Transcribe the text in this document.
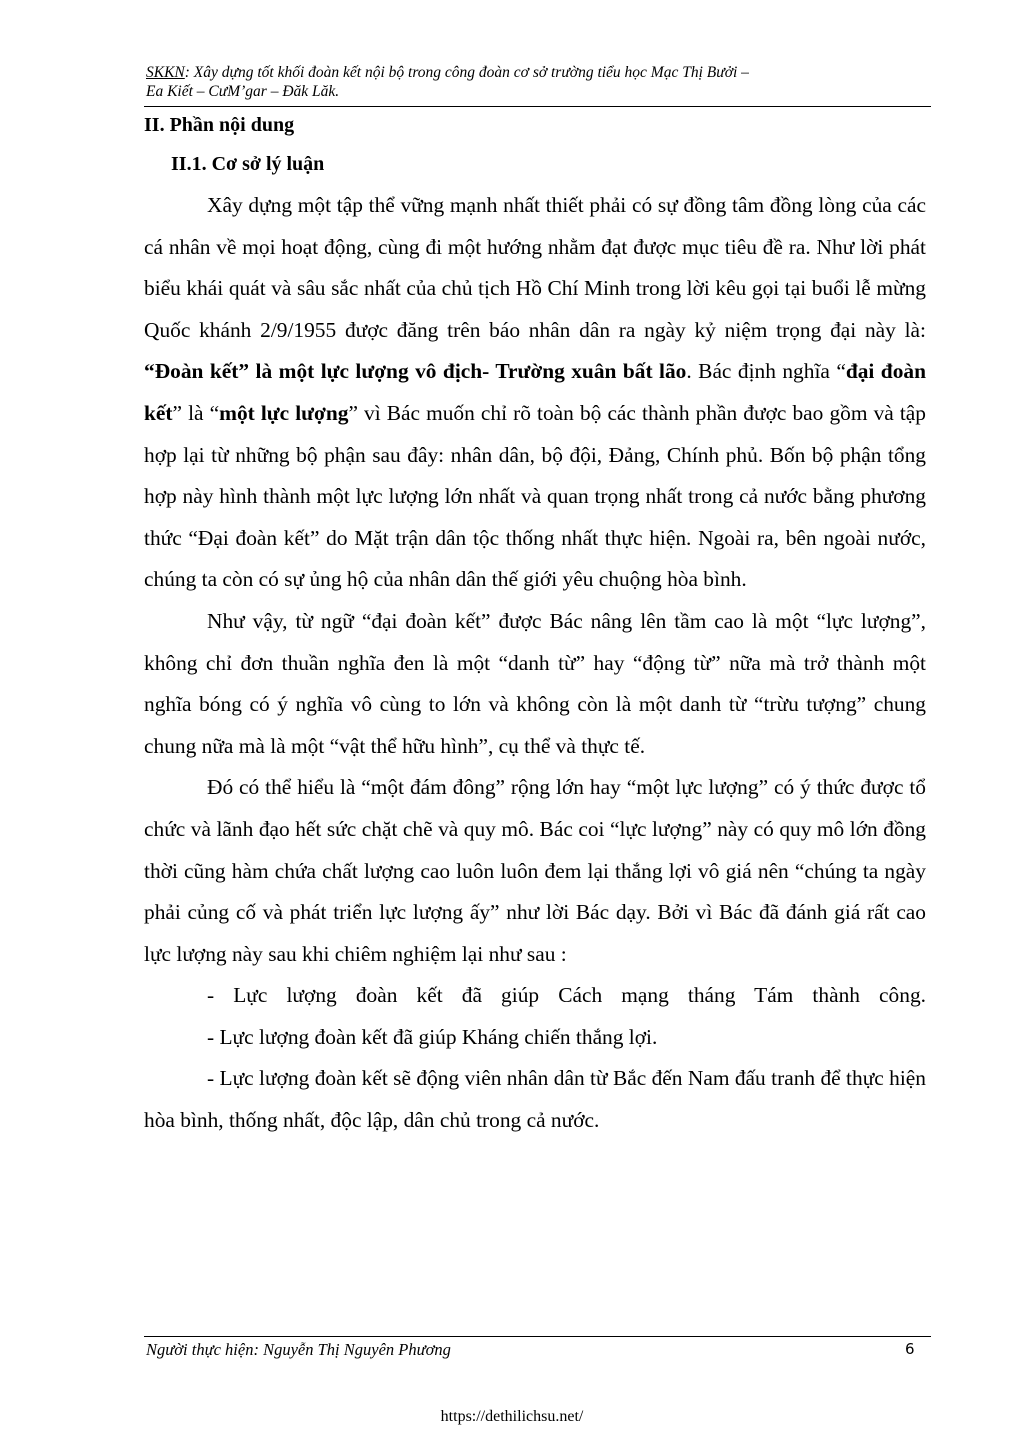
SKKN: Xây dựng tốt khối đoàn kết nội bộ trong công đoàn cơ sở trường tiểu học Mạc Thị Bưởi –
Ea Kiết – CưM’gar – Đăk Lăk.

II. Phần nội dung

II.1. Cơ sở lý luận

Xây dựng một tập thể vững mạnh nhất thiết phải có sự đồng tâm đồng lòng của các cá nhân về mọi hoạt động, cùng đi một hướng nhằm đạt được mục tiêu đề ra. Như lời phát biểu khái quát và sâu sắc nhất của chủ tịch Hồ Chí Minh trong lời kêu gọi tại buổi lễ mừng Quốc khánh 2/9/1955 được đăng trên báo nhân dân ra ngày kỷ niệm trọng đại này là: “Đoàn kết” là một lực lượng vô địch- Trường xuân bất lão. Bác định nghĩa “đại đoàn kết” là “một lực lượng” vì Bác muốn chỉ rõ toàn bộ các thành phần được bao gồm và tập hợp lại từ những bộ phận sau đây: nhân dân, bộ đội, Đảng, Chính phủ. Bốn bộ phận tổng hợp này hình thành một lực lượng lớn nhất và quan trọng nhất trong cả nước bằng phương thức “Đại đoàn kết” do Mặt trận dân tộc thống nhất thực hiện. Ngoài ra, bên ngoài nước, chúng ta còn có sự ủng hộ của nhân dân thế giới yêu chuộng hòa bình.

Như vậy, từ ngữ “đại đoàn kết” được Bác nâng lên tầm cao là một “lực lượng”, không chỉ đơn thuần nghĩa đen là một “danh từ” hay “động từ” nữa mà trở thành một nghĩa bóng có ý nghĩa vô cùng to lớn và không còn là một danh từ “trừu tượng” chung chung nữa mà là một “vật thể hữu hình”, cụ thể và thực tế.

Đó có thể hiểu là “một đám đông” rộng lớn hay “một lực lượng” có ý thức được tổ chức và lãnh đạo hết sức chặt chẽ và quy mô. Bác coi “lực lượng” này có quy mô lớn đồng thời cũng hàm chứa chất lượng cao luôn luôn đem lại thắng lợi vô giá nên “chúng ta ngày phải củng cố và phát triển lực lượng ấy” như lời Bác dạy. Bởi vì Bác đã đánh giá rất cao lực lượng này sau khi chiêm nghiệm lại như sau :

- Lực lượng đoàn kết đã giúp Cách mạng tháng Tám thành công.

- Lực lượng đoàn kết đã giúp Kháng chiến thắng lợi.

- Lực lượng đoàn kết sẽ động viên nhân dân từ Bắc đến Nam đấu tranh để thực hiện hòa bình, thống nhất, độc lập, dân chủ trong cả nước.

Người thực hiện: Nguyễn Thị Nguyên Phương	6
https://dethilichsu.net/
